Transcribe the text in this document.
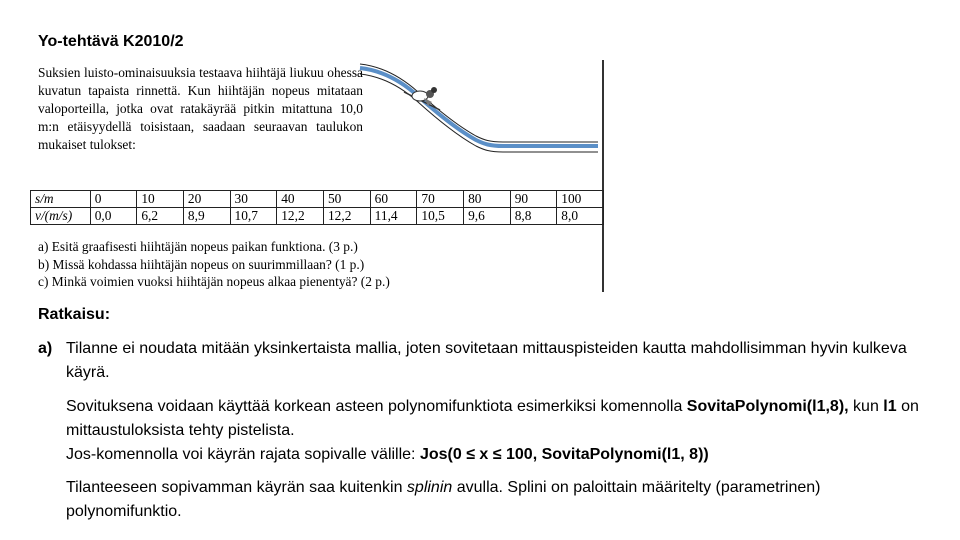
Yo-tehtävä K2010/2
Suksien luisto-ominaisuuksia testaava hiihtäjä liukuu ohessa kuvatun tapaista rinnettä. Kun hiihtäjän nopeus mitataan valoporteilla, jotka ovat ratakäyrää pitkin mitattuna 10,0 m:n etäisyydellä toisistaan, saadaan seuraavan taulukon mukaiset tulokset:
s/m	0	10	20	30	40	50	60	70	80	90	100
v/(m/s)	0,0	6,2	8,9	10,7	12,2	12,2	11,4	10,5	9,6	8,8	8,0
a) Esitä graafisesti hiihtäjän nopeus paikan funktiona. (3 p.)
b) Missä kohdassa hiihtäjän nopeus on suurimmillaan? (1 p.)
c) Minkä voimien vuoksi hiihtäjän nopeus alkaa pienentyä? (2 p.)
Ratkaisu:
a) Tilanne ei noudata mitään yksinkertaista mallia, joten sovitetaan mittauspisteiden kautta mahdollisimman hyvin kulkeva käyrä.
Sovituksena voidaan käyttää korkean asteen polynomifunktiota esimerkiksi komennolla SovitaPolynomi(l1,8), kun l1 on mittaustuloksista tehty pistelista.
Jos-komennolla voi käyrän rajata sopivalle välille: Jos(0 ≤ x ≤ 100, SovitaPolynomi(l1, 8))
Tilanteeseen sopivamman käyrän saa kuitenkin splinin avulla. Splini on paloittain määritelty (parametrinen) polynomifunktio.
